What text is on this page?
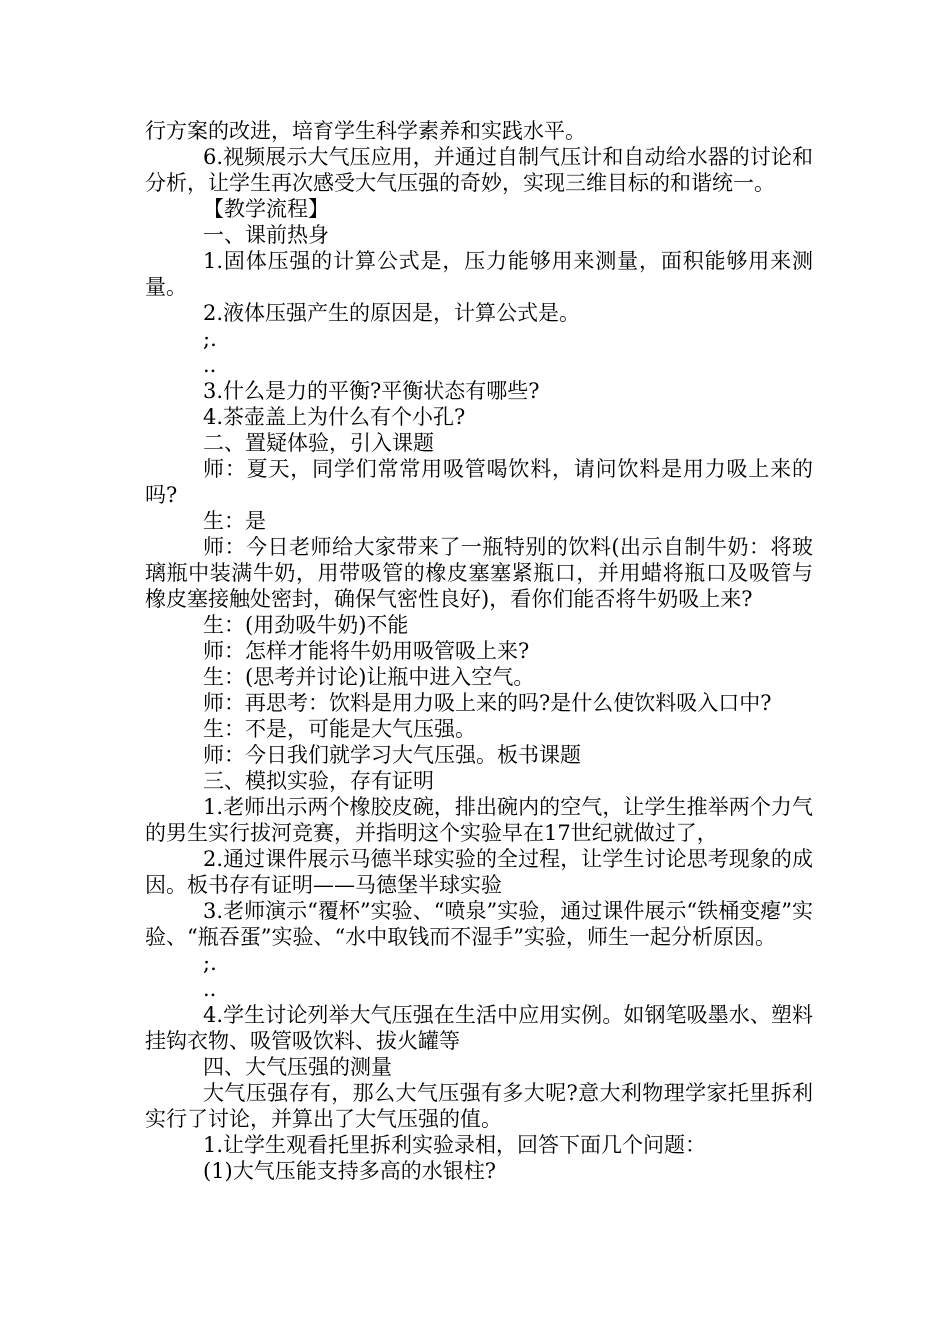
行方案的改进，培育学生科学素养和实践水平。

6.视频展示大气压应用，并通过自制气压计和自动给水器的讨论和分析，让学生再次感受大气压强的奇妙，实现三维目标的和谐统一。

【教学流程】

一、课前热身

1.固体压强的计算公式是，压力能够用来测量，面积能够用来测量。

2.液体压强产生的原因是，计算公式是。

;.

..

3.什么是力的平衡?平衡状态有哪些?

4.茶壶盖上为什么有个小孔?

二、置疑体验，引入课题

师：夏天，同学们常常用吸管喝饮料，请问饮料是用力吸上来的吗?

生：是

师：今日老师给大家带来了一瓶特别的饮料(出示自制牛奶：将玻璃瓶中装满牛奶，用带吸管的橡皮塞塞紧瓶口，并用蜡将瓶口及吸管与橡皮塞接触处密封，确保气密性良好)，看你们能否将牛奶吸上来?

生：(用劲吸牛奶)不能

师：怎样才能将牛奶用吸管吸上来?

生：(思考并讨论)让瓶中进入空气。

师：再思考：饮料是用力吸上来的吗?是什么使饮料吸入口中?

生：不是，可能是大气压强。

师：今日我们就学习大气压强。板书课题

三、模拟实验，存有证明

1.老师出示两个橡胶皮碗，排出碗内的空气，让学生推举两个力气的男生实行拔河竞赛，并指明这个实验早在17世纪就做过了，

2.通过课件展示马德半球实验的全过程，让学生讨论思考现象的成因。板书存有证明——马德堡半球实验

3.老师演示“覆杯”实验、“喷泉”实验，通过课件展示“铁桶变瘪”实验、“瓶吞蛋”实验、“水中取钱而不湿手”实验，师生一起分析原因。

;.

..

4.学生讨论列举大气压强在生活中应用实例。如钢笔吸墨水、塑料挂钩衣物、吸管吸饮料、拔火罐等

四、大气压强的测量

大气压强存有，那么大气压强有多大呢?意大利物理学家托里拆利实行了讨论，并算出了大气压强的值。

1.让学生观看托里拆利实验录相，回答下面几个问题：

(1)大气压能支持多高的水银柱?
